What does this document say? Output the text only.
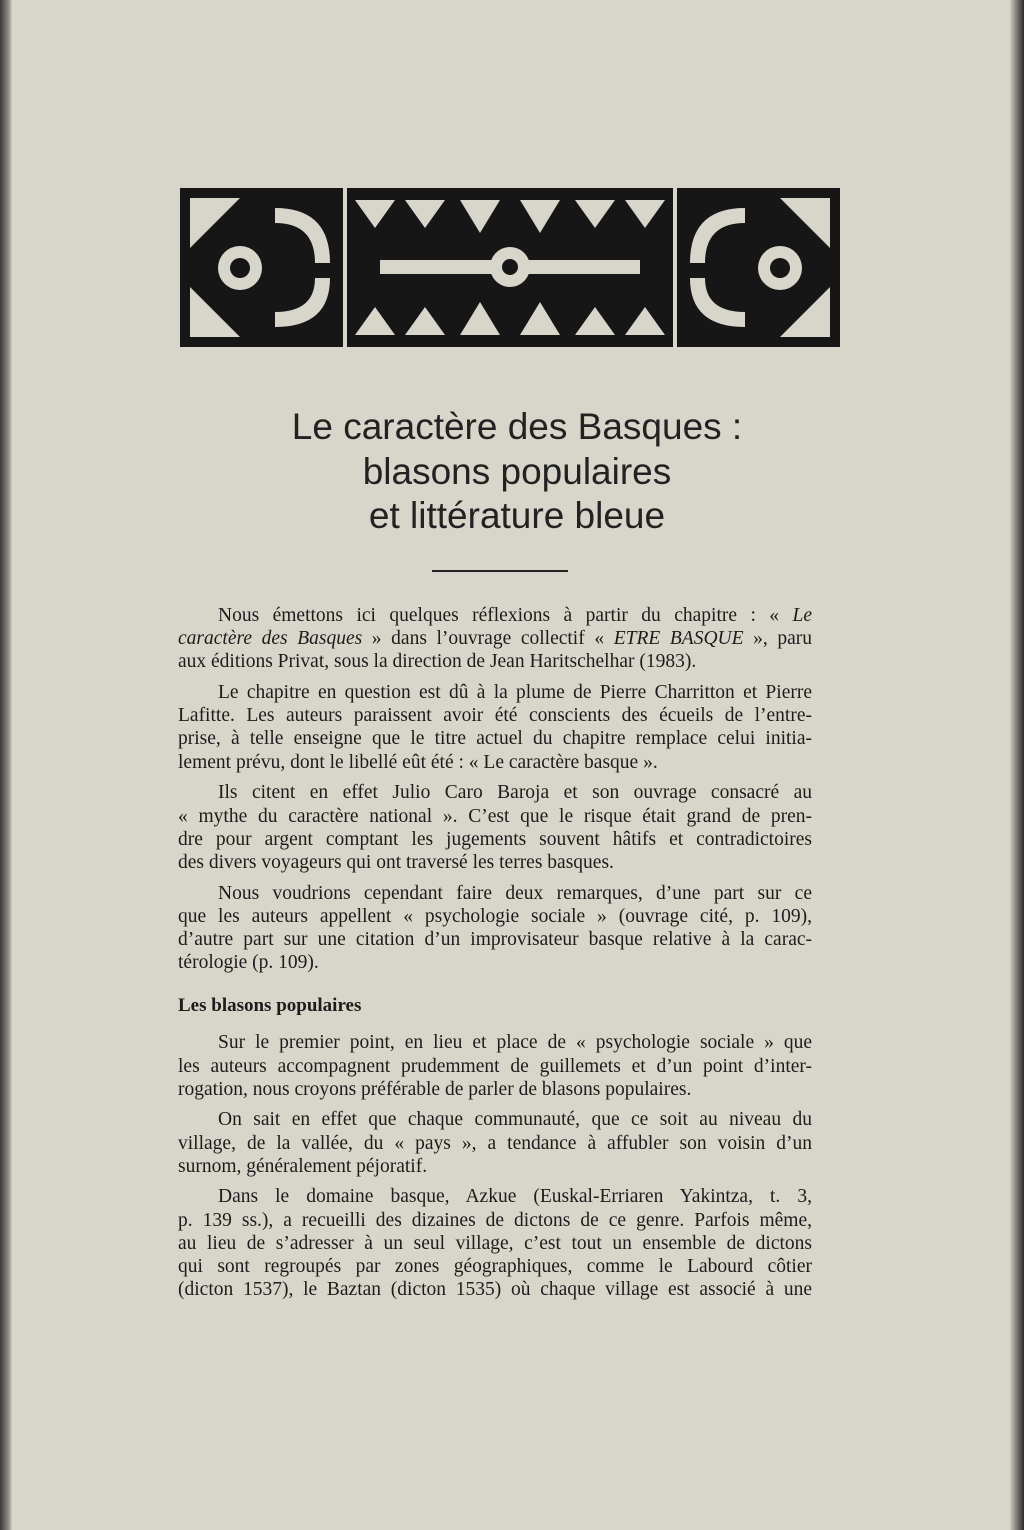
Le caractère des Basques :
blasons populaires
et littérature bleue
Nous émettons ici quelques réflexions à partir du chapitre : « Le
caractère des Basques » dans l’ouvrage collectif « ETRE BASQUE », paru
aux éditions Privat, sous la direction de Jean Haritschelhar (1983).
Le chapitre en question est dû à la plume de Pierre Charritton et Pierre
Lafitte. Les auteurs paraissent avoir été conscients des écueils de l’entre-
prise, à telle enseigne que le titre actuel du chapitre remplace celui initia-
lement prévu, dont le libellé eût été : « Le caractère basque ».
Ils citent en effet Julio Caro Baroja et son ouvrage consacré au
« mythe du caractère national ». C’est que le risque était grand de pren-
dre pour argent comptant les jugements souvent hâtifs et contradictoires
des divers voyageurs qui ont traversé les terres basques.
Nous voudrions cependant faire deux remarques, d’une part sur ce
que les auteurs appellent « psychologie sociale » (ouvrage cité, p. 109),
d’autre part sur une citation d’un improvisateur basque relative à la carac-
térologie (p. 109).
Les blasons populaires
Sur le premier point, en lieu et place de « psychologie sociale » que
les auteurs accompagnent prudemment de guillemets et d’un point d’inter-
rogation, nous croyons préférable de parler de blasons populaires.
On sait en effet que chaque communauté, que ce soit au niveau du
village, de la vallée, du « pays », a tendance à affubler son voisin d’un
surnom, généralement péjoratif.
Dans le domaine basque, Azkue (Euskal-Erriaren Yakintza, t. 3,
p. 139 ss.), a recueilli des dizaines de dictons de ce genre. Parfois même,
au lieu de s’adresser à un seul village, c’est tout un ensemble de dictons
qui sont regroupés par zones géographiques, comme le Labourd côtier
(dicton 1537), le Baztan (dicton 1535) où chaque village est associé à une
